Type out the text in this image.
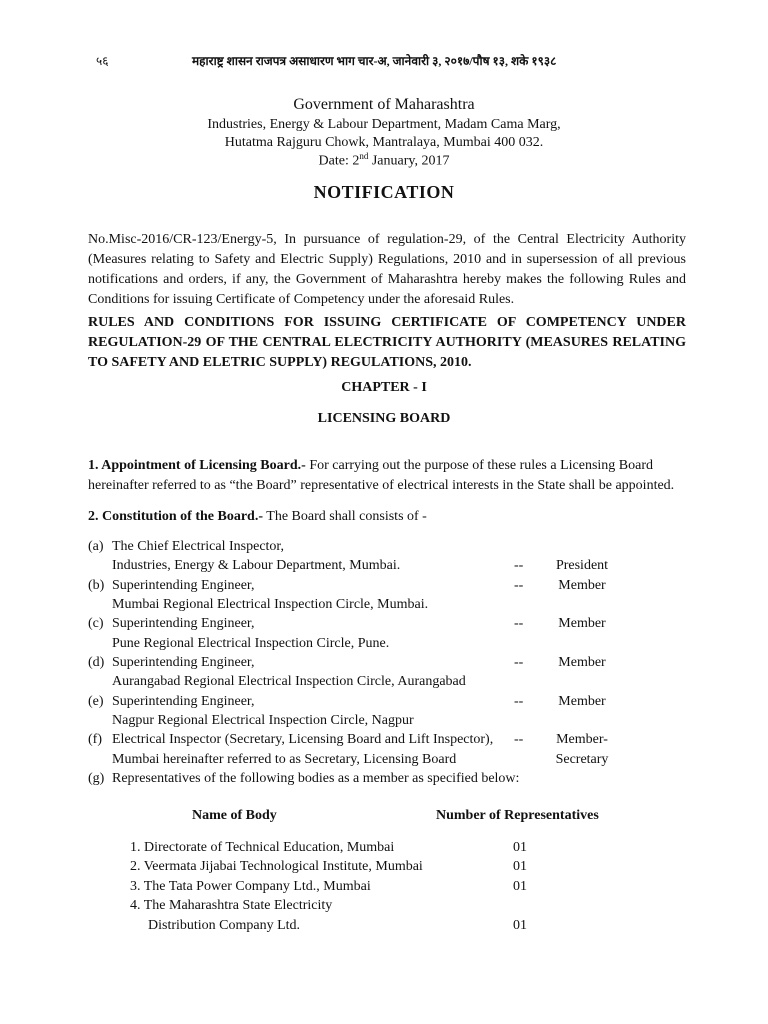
५६	महाराष्ट्र शासन राजपत्र असाधारण भाग चार-अ, जानेवारी ३, २०१७/पौष १३, शके १९३८
Government of Maharashtra
Industries, Energy & Labour Department, Madam Cama Marg,
Hutatma Rajguru Chowk, Mantralaya, Mumbai 400 032.
Date: 2nd January, 2017
NOTIFICATION
No.Misc-2016/CR-123/Energy-5, In pursuance of regulation-29, of the Central Electricity Authority (Measures relating to Safety and Electric Supply) Regulations, 2010 and in supersession of all previous notifications and orders, if any, the Government of Maharashtra hereby makes the following Rules and Conditions for issuing Certificate of Competency under the aforesaid Rules.
RULES AND CONDITIONS FOR ISSUING CERTIFICATE OF COMPETENCY UNDER REGULATION-29 OF THE CENTRAL ELECTRICITY AUTHORITY (MEASURES RELATING TO SAFETY AND ELETRIC SUPPLY) REGULATIONS, 2010.
CHAPTER - I
LICENSING BOARD
1. Appointment of Licensing Board.- For carrying out the purpose of these rules a Licensing Board hereinafter referred to as “the Board” representative of electrical interests in the State shall be appointed.
2. Constitution of the Board.- The Board shall consists of -
(a) The Chief Electrical Inspector,
Industries, Energy & Labour Department, Mumbai.	--	President
(b) Superintending Engineer,
Mumbai Regional Electrical Inspection Circle, Mumbai.
--	Member
(c) Superintending Engineer,
Pune Regional Electrical Inspection Circle, Pune.
--	Member
(d) Superintending Engineer,
Aurangabad Regional Electrical Inspection Circle, Aurangabad
--	Member
(e) Superintending Engineer,
Nagpur Regional Electrical Inspection Circle, Nagpur
--	Member
(f) Electrical Inspector (Secretary, Licensing Board and Lift Inspector),
Mumbai hereinafter referred to as Secretary, Licensing Board
--	Member-
Secretary
(g) Representatives of the following bodies as a member as specified below:
Name of Body	Number of Representatives
1. Directorate of Technical Education, Mumbai	01
2. Veermata Jijabai Technological Institute, Mumbai	01
3. The Tata Power Company Ltd., Mumbai	01
4. The Maharashtra State Electricity
Distribution Company Ltd.	01
